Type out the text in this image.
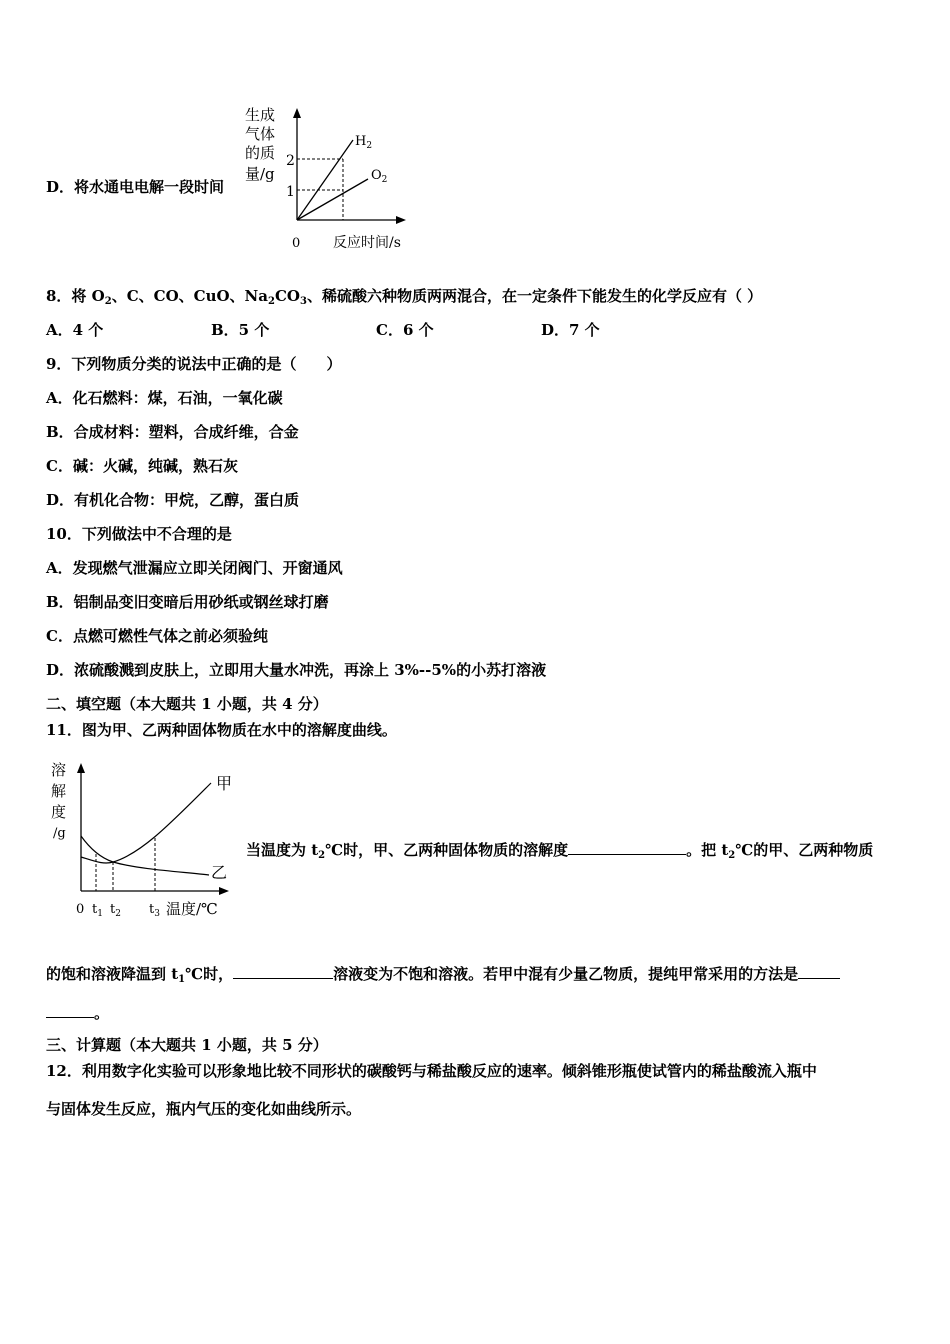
D．将水通电电解一段时间
生成
气体
的质
量/g
2
1
0 反应时间/s
$H_2$
$O_2$
8．将 $O_2$、C、CO、CuO、$Na_2CO_3$、稀硫酸六种物质两两混合，在一定条件下能发生的化学反应有（ ）
A．4 个	B．5 个	C．6 个	D．7 个
9．下列物质分类的说法中正确的是（　　）
A．化石燃料：煤，石油，一氧化碳
B．合成材料：塑料，合成纤维，合金
C．碱：火碱，纯碱，熟石灰
D．有机化合物：甲烷，乙醇，蛋白质
10．下列做法中不合理的是
A．发现燃气泄漏应立即关闭阀门、开窗通风
B．铝制品变旧变暗后用砂纸或钢丝球打磨
C．点燃可燃性气体之前必须验纯
D．浓硫酸溅到皮肤上，立即用大量水冲洗，再涂上 3%--5%的小苏打溶液
二、填空题（本大题共 1 小题，共 4 分）
11．图为甲、乙两种固体物质在水中的溶解度曲线。
溶
解
度
/g
甲
乙
0 $t_1$ $t_2$ $t_3$ 温度/℃
当温度为 $t_2℃$时，甲、乙两种固体物质的溶解度	。把 $t_2℃$的甲、乙两种物质
的饱和溶液降温到 $t_1℃$时，	溶液变为不饱和溶液。若甲中混有少量乙物质，提纯甲常采用的方法是
。
三、计算题（本大题共 1 小题，共 5 分）
12．利用数字化实验可以形象地比较不同形状的碳酸钙与稀盐酸反应的速率。倾斜锥形瓶使试管内的稀盐酸流入瓶中
与固体发生反应，瓶内气压的变化如曲线所示。
